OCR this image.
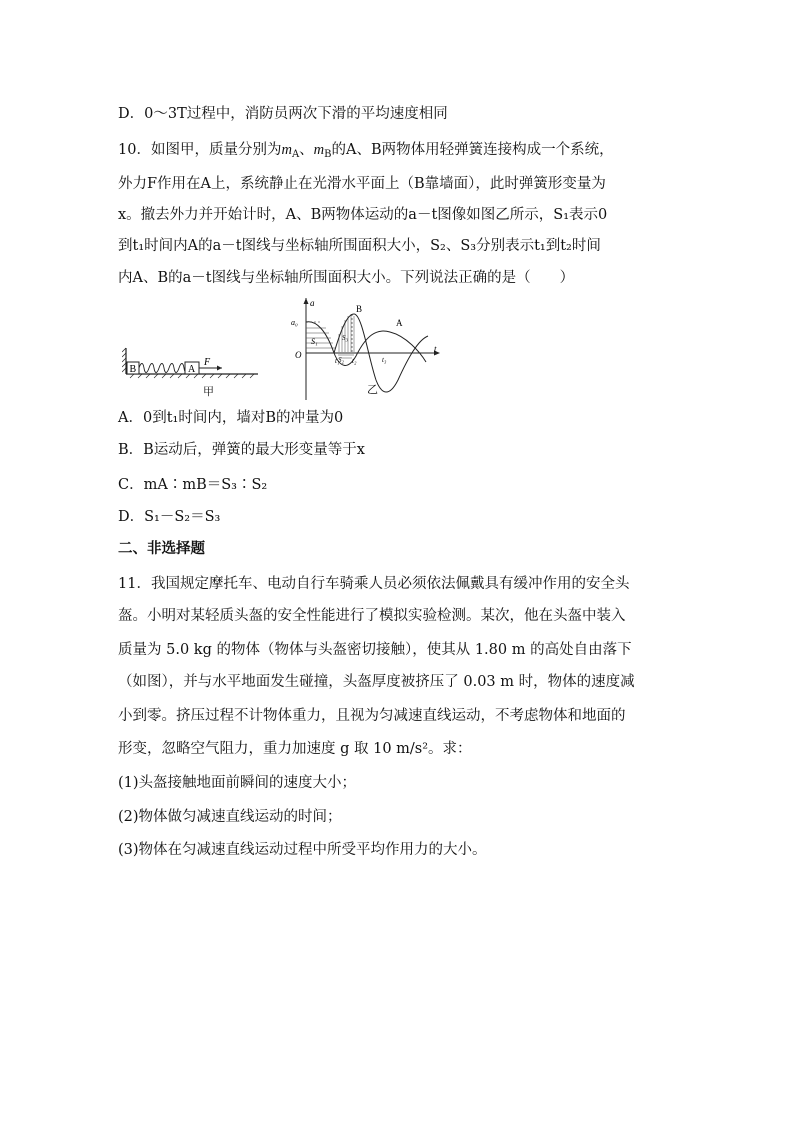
D．0～3T过程中，消防员两次下滑的平均速度相同
10．如图甲，质量分别为$m_A$、$m_B$的A、B两物体用轻弹簧连接构成一个系统，
外力F作用在A上，系统静止在光滑水平面上（B靠墙面），此时弹簧形变量为
x。撤去外力并开始计时，A、B两物体运动的a－t图像如图乙所示，S₁表示0
到t₁时间内A的a－t图线与坐标轴所围面积大小，S₂、S₃分别表示t₁到t₂时间
内A、B的a－t图线与坐标轴所围面积大小。下列说法正确的是（　　）
B	A
F
甲
a
t
O
a₀
S₁
S₂
S₃
t₁ t₂	t₃
B
A
乙
A．0到t₁时间内，墙对B的冲量为0
B．B运动后，弹簧的最大形变量等于x
C．mA∶mB＝S₃∶S₂
D．S₁－S₂＝S₃
二、非选择题
11．我国规定摩托车、电动自行车骑乘人员必须依法佩戴具有缓冲作用的安全头
盔。小明对某轻质头盔的安全性能进行了模拟实验检测。某次，他在头盔中装入
质量为 5.0 kg 的物体（物体与头盔密切接触），使其从 1.80 m 的高处自由落下
（如图），并与水平地面发生碰撞，头盔厚度被挤压了 0.03 m 时，物体的速度减
小到零。挤压过程不计物体重力，且视为匀减速直线运动，不考虑物体和地面的
形变，忽略空气阻力，重力加速度 g 取 10 m/s²。求：
(1)头盔接触地面前瞬间的速度大小；
(2)物体做匀减速直线运动的时间；
(3)物体在匀减速直线运动过程中所受平均作用力的大小。
